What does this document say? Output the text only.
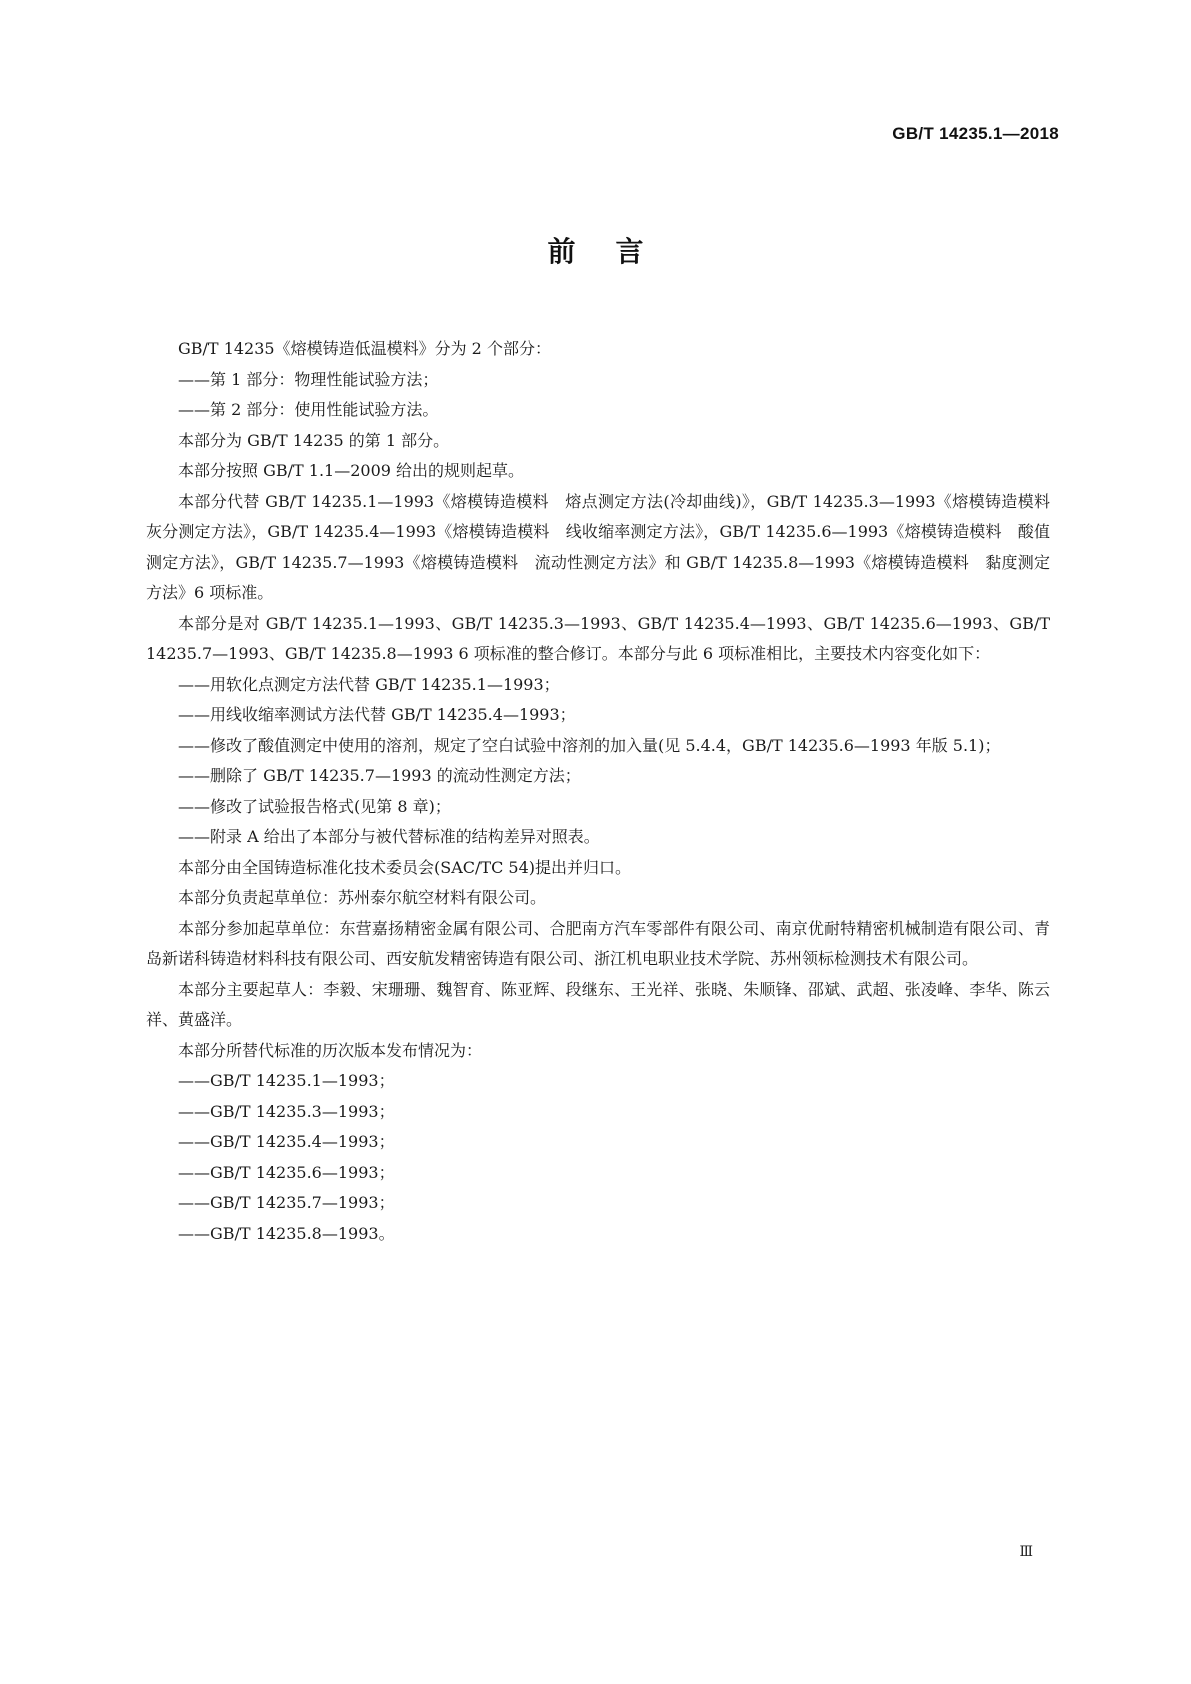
GB/T 14235.1—2018
前言

GB/T 14235《熔模铸造低温模料》分为 2 个部分：

——第 1 部分：物理性能试验方法；

——第 2 部分：使用性能试验方法。

本部分为 GB/T 14235 的第 1 部分。

本部分按照 GB/T 1.1—2009 给出的规则起草。

本部分代替 GB/T 14235.1—1993《熔模铸造模料　熔点测定方法(冷却曲线)》，GB/T 14235.3—1993《熔模铸造模料　灰分测定方法》，GB/T 14235.4—1993《熔模铸造模料　线收缩率测定方法》，GB/T 14235.6—1993《熔模铸造模料　酸值测定方法》，GB/T 14235.7—1993《熔模铸造模料　流动性测定方法》和 GB/T 14235.8—1993《熔模铸造模料　黏度测定方法》6 项标准。

本部分是对 GB/T 14235.1—1993、GB/T 14235.3—1993、GB/T 14235.4—1993、GB/T 14235.6—1993、GB/T 14235.7—1993、GB/T 14235.8—1993 6 项标准的整合修订。本部分与此 6 项标准相比，主要技术内容变化如下：

——用软化点测定方法代替 GB/T 14235.1—1993；

——用线收缩率测试方法代替 GB/T 14235.4—1993；

——修改了酸值测定中使用的溶剂，规定了空白试验中溶剂的加入量(见 5.4.4，GB/T 14235.6—1993 年版 5.1)；

——删除了 GB/T 14235.7—1993 的流动性测定方法；

——修改了试验报告格式(见第 8 章)；

——附录 A 给出了本部分与被代替标准的结构差异对照表。

本部分由全国铸造标准化技术委员会(SAC/TC 54)提出并归口。

本部分负责起草单位：苏州泰尔航空材料有限公司。

本部分参加起草单位：东营嘉扬精密金属有限公司、合肥南方汽车零部件有限公司、南京优耐特精密机械制造有限公司、青岛新诺科铸造材料科技有限公司、西安航发精密铸造有限公司、浙江机电职业技术学院、苏州领标检测技术有限公司。

本部分主要起草人：李毅、宋珊珊、魏智育、陈亚辉、段继东、王光祥、张晓、朱顺锋、邵斌、武超、张凌峰、李华、陈云祥、黄盛洋。

本部分所替代标准的历次版本发布情况为：

——GB/T 14235.1—1993；

——GB/T 14235.3—1993；

——GB/T 14235.4—1993；

——GB/T 14235.6—1993；

——GB/T 14235.7—1993；

——GB/T 14235.8—1993。

Ⅲ
